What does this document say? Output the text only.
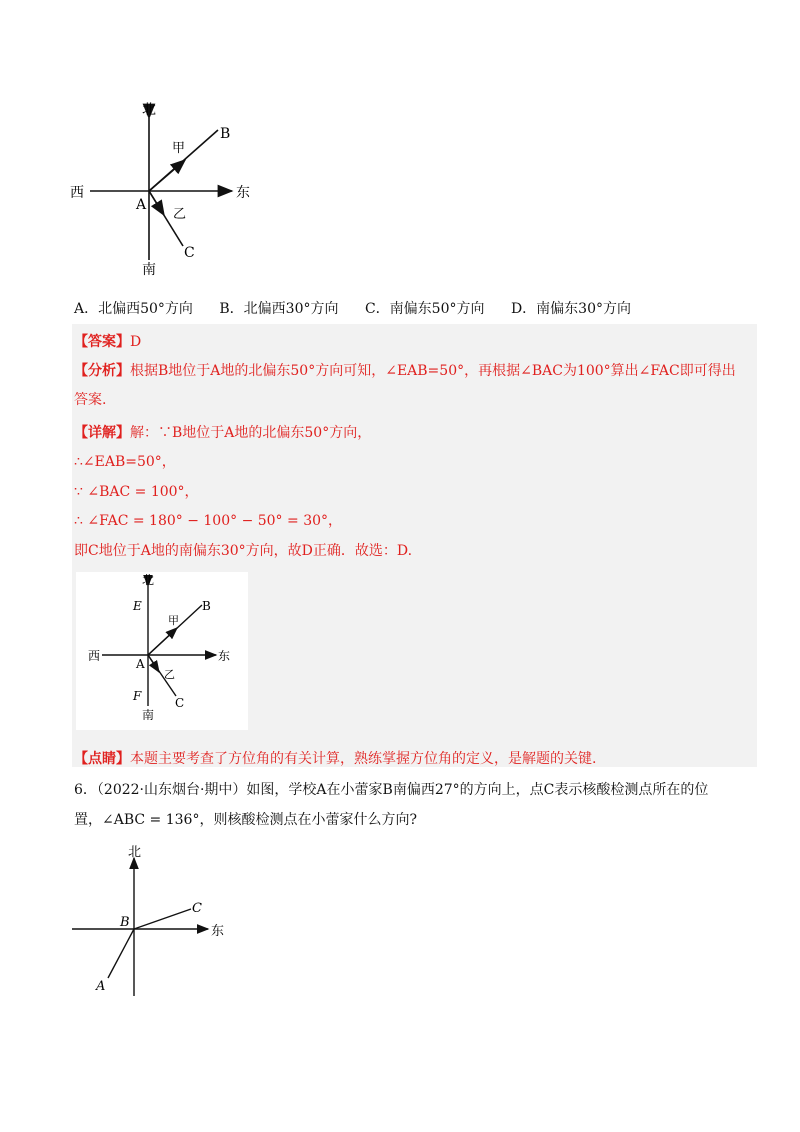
北
南
西	东
A
B
C
甲
乙
A．北偏西50°方向 B．北偏西30°方向 C．南偏东50°方向 D．南偏东30°方向
【答案】D
【分析】根据B地位于A地的北偏东50°方向可知，∠EAB=50°，再根据∠BAC为100°算出∠FAC即可得出
答案.
【详解】解：∵B地位于A地的北偏东50°方向，
∴∠EAB=50°，
∵ ∠BAC = 100°，
∴ ∠FAC = 180° − 100° − 50° = 30°，
即C地位于A地的南偏东30°方向，故D正确．故选：D.
北
南
西	东
A
B
C
E
F
甲
乙
【点睛】本题主要考查了方位角的有关计算，熟练掌握方位角的定义，是解题的关键.
6．（2022·山东烟台·期中）如图，学校A在小蕾家B南偏西27°的方向上，点C表示核酸检测点所在的位
置，∠ABC = 136°，则核酸检测点在小蕾家什么方向?
北
东
B
C
A
